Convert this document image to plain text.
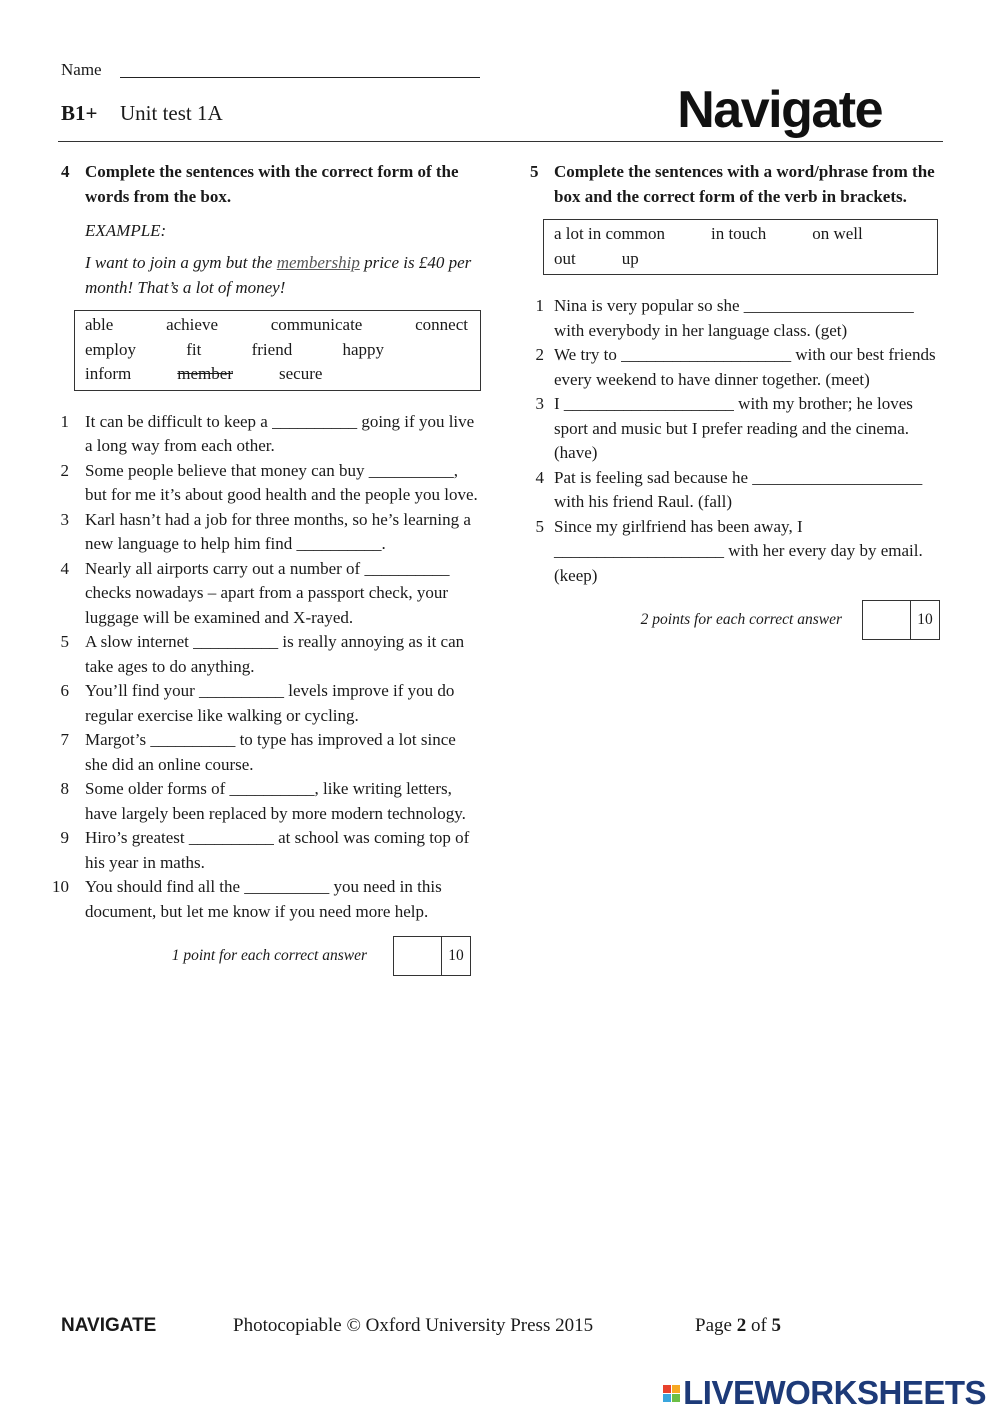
Name
B1+ Unit test 1A	Navigate
4 Complete the sentences with the correct form of the words from the box.
EXAMPLE:
I want to join a gym but the membership price is £40 per month! That’s a lot of money!
able	achieve	communicate	connect
employ	fit	friend	happy
inform	member	secure
1 It can be difficult to keep a __________ going if you live a long way from each other.
2 Some people believe that money can buy __________, but for me it’s about good health and the people you love.
3 Karl hasn’t had a job for three months, so he’s learning a new language to help him find __________.
4 Nearly all airports carry out a number of __________ checks nowadays – apart from a passport check, your luggage will be examined and X-rayed.
5 A slow internet __________ is really annoying as it can take ages to do anything.
6 You’ll find your __________ levels improve if you do regular exercise like walking or cycling.
7 Margot’s __________ to type has improved a lot since she did an online course.
8 Some older forms of __________, like writing letters, have largely been replaced by more modern technology.
9 Hiro’s greatest __________ at school was coming top of his year in maths.
10 You should find all the __________ you need in this document, but let me know if you need more help.
1 point for each correct answer	10
5 Complete the sentences with a word/phrase from the box and the correct form of the verb in brackets.
a lot in common	in touch	on well
out	up
1 Nina is very popular so she ____________________ with everybody in her language class. (get)
2 We try to ____________________ with our best friends every weekend to have dinner together. (meet)
3 I ____________________ with my brother; he loves sport and music but I prefer reading and the cinema. (have)
4 Pat is feeling sad because he ____________________ with his friend Raul. (fall)
5 Since my girlfriend has been away, I ____________________ with her every day by email. (keep)
2 points for each correct answer	10
NAVIGATE	Photocopiable © Oxford University Press 2015	Page 2 of 5
LIVEWORKSHEETS
